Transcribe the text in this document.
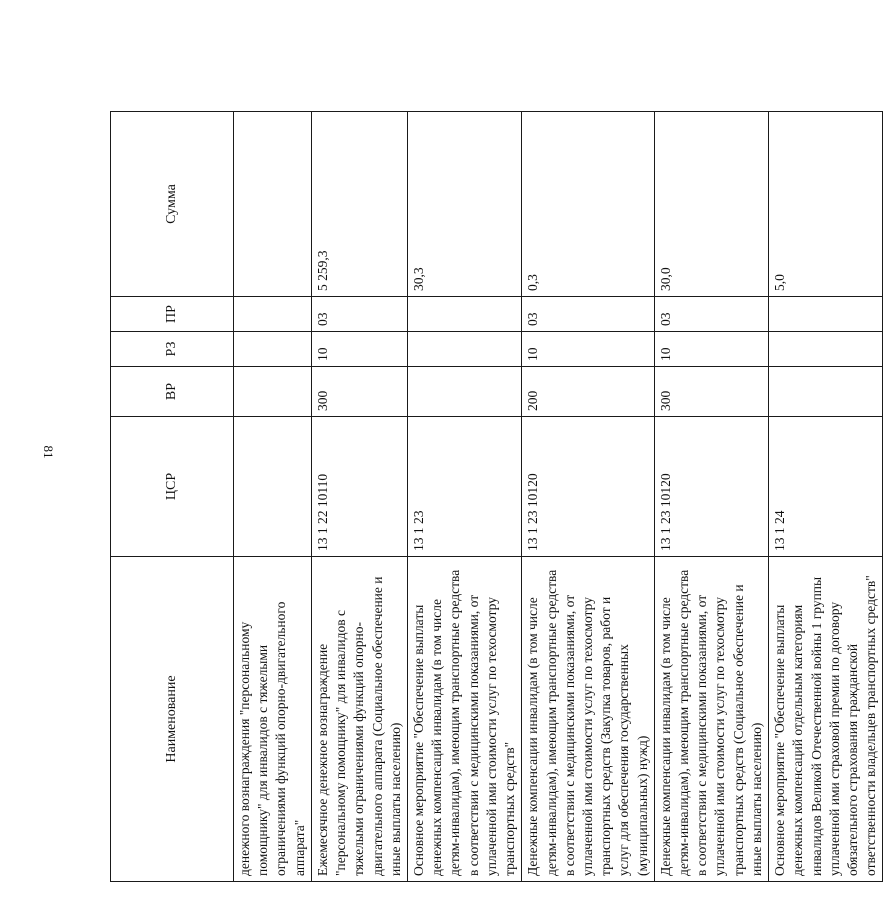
81
Наименование	ЦСР	ВР	РЗ	ПР	Сумма
денежного вознаграждения "персональному помощнику" для инвалидов с тяжелыми ограничениями функций опорно-двигательного аппарата"					
Ежемесячное денежное вознаграждение "персональному помощнику" для инвалидов с тяжелыми ограничениями функций опорно-двигательного аппарата (Социальное обеспечение и иные выплаты населению)	13 1 22 10110	300	10	03	5 259,3
Основное мероприятие "Обеспечение выплаты денежных компенсаций инвалидам (в том числе детям-инвалидам), имеющим транспортные средства в соответствии с медицинскими показаниями, от уплаченной ими стоимости услуг по техосмотру транспортных средств"	13 1 23				30,3
Денежные компенсации инвалидам (в том числе детям-инвалидам), имеющим транспортные средства в соответствии с медицинскими показаниями, от уплаченной ими стоимости услуг по техосмотру транспортных средств (Закупка товаров, работ и услуг для обеспечения государственных (муниципальных) нужд)	13 1 23 10120	200	10	03	0,3
Денежные компенсации инвалидам (в том числе детям-инвалидам), имеющим транспортные средства в соответствии с медицинскими показаниями, от уплаченной ими стоимости услуг по техосмотру транспортных средств (Социальное обеспечение и иные выплаты населению)	13 1 23 10120	300	10	03	30,0
Основное мероприятие "Обеспечение выплаты денежных компенсаций отдельным категориям инвалидов Великой Отечественной войны 1 группы уплаченной ими страховой премии по договору обязательного страхования гражданской ответственности владельцев транспортных средств"	13 1 24				5,0
